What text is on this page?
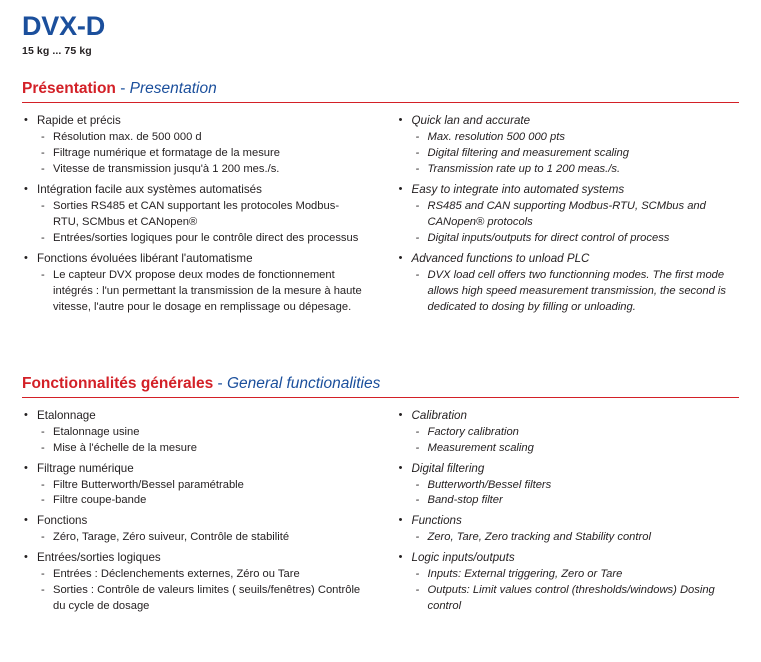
DVX-D
15 kg ... 75 kg
Présentation - Presentation
• Rapide et précis
- Résolution max. de 500 000 d
- Filtrage numérique et formatage de la mesure
- Vitesse de transmission jusqu'à 1 200 mes./s.
• Intégration facile aux systèmes automatisés
- Sorties RS485 et CAN supportant les protocoles Modbus-RTU, SCMbus et CANopen®
- Entrées/sorties logiques pour le contrôle direct des processus
• Fonctions évoluées libérant l'automatisme
- Le capteur DVX propose deux modes de fonctionnement intégrés : l'un permettant la transmission de la mesure à haute vitesse, l'autre pour le dosage en remplissage ou dépesage.
• Quick lan and accurate
- Max. resolution 500 000 pts
- Digital filtering and measurement scaling
- Transmission rate up to 1 200 meas./s.
• Easy to integrate into automated systems
- RS485 and CAN supporting Modbus-RTU, SCMbus and CANopen® protocols
- Digital inputs/outputs for direct control of process
• Advanced functions to unload PLC
- DVX load cell offers two functionning modes. The first mode allows high speed measurement transmission, the second is dedicated to dosing by filling or unloading.
Fonctionnalités générales - General functionalities
• Etalonnage
- Etalonnage usine
- Mise à l'échelle de la mesure
• Filtrage numérique
- Filtre Butterworth/Bessel paramétrable
- Filtre coupe-bande
• Fonctions
- Zéro, Tarage, Zéro suiveur, Contrôle de stabilité
• Entrées/sorties logiques
- Entrées : Déclenchements externes, Zéro ou Tare
- Sorties : Contrôle de valeurs limites ( seuils/fenêtres) Contrôle du cycle de dosage
• Calibration
- Factory calibration
- Measurement scaling
• Digital filtering
- Butterworth/Bessel filters
- Band-stop filter
• Functions
- Zero, Tare, Zero tracking and Stability control
• Logic inputs/outputs
- Inputs: External triggering, Zero or Tare
- Outputs: Limit values control (thresholds/windows) Dosing control
